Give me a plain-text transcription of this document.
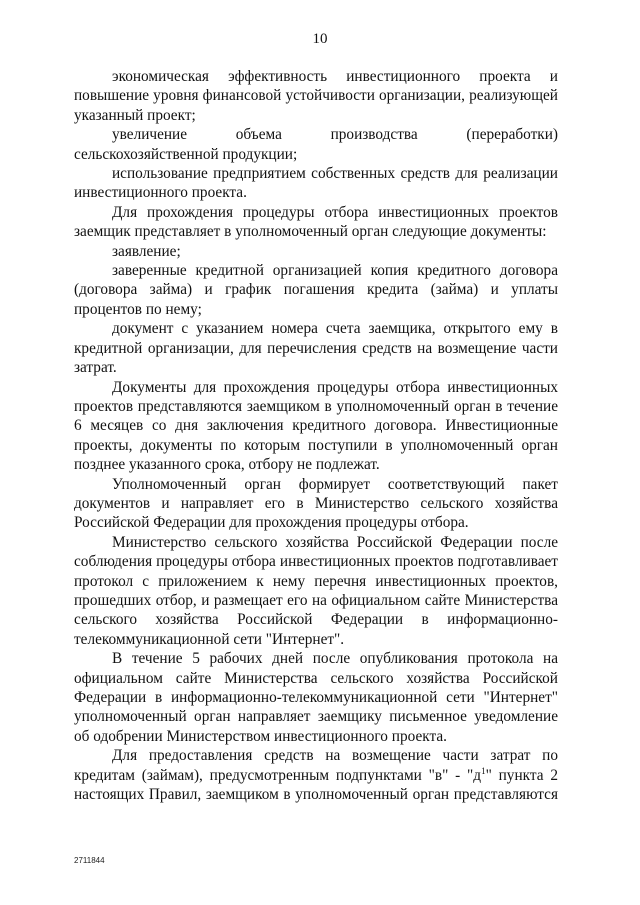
10

экономическая эффективность инвестиционного проекта и повышение уровня финансовой устойчивости организации, реализующей указанный проект;

увеличение объема производства (переработки) сельскохозяйственной продукции;

использование предприятием собственных средств для реализации инвестиционного проекта.

Для прохождения процедуры отбора инвестиционных проектов заемщик представляет в уполномоченный орган следующие документы:

заявление;

заверенные кредитной организацией копия кредитного договора (договора займа) и график погашения кредита (займа) и уплаты процентов по нему;

документ с указанием номера счета заемщика, открытого ему в кредитной организации, для перечисления средств на возмещение части затрат.

Документы для прохождения процедуры отбора инвестиционных проектов представляются заемщиком в уполномоченный орган в течение 6 месяцев со дня заключения кредитного договора. Инвестиционные проекты, документы по которым поступили в уполномоченный орган позднее указанного срока, отбору не подлежат.

Уполномоченный орган формирует соответствующий пакет документов и направляет его в Министерство сельского хозяйства Российской Федерации для прохождения процедуры отбора.

Министерство сельского хозяйства Российской Федерации после соблюдения процедуры отбора инвестиционных проектов подготавливает протокол с приложением к нему перечня инвестиционных проектов, прошедших отбор, и размещает его на официальном сайте Министерства сельского хозяйства Российской Федерации в информационно-телекоммуникационной сети "Интернет".

В течение 5 рабочих дней после опубликования протокола на официальном сайте Министерства сельского хозяйства Российской Федерации в информационно-телекоммуникационной сети "Интернет" уполномоченный орган направляет заемщику письменное уведомление об одобрении Министерством инвестиционного проекта.

Для предоставления средств на возмещение части затрат по кредитам (займам), предусмотренным подпунктами "в" - "$д^1$" пункта 2 настоящих Правил, заемщиком в уполномоченный орган представляются

2711844
